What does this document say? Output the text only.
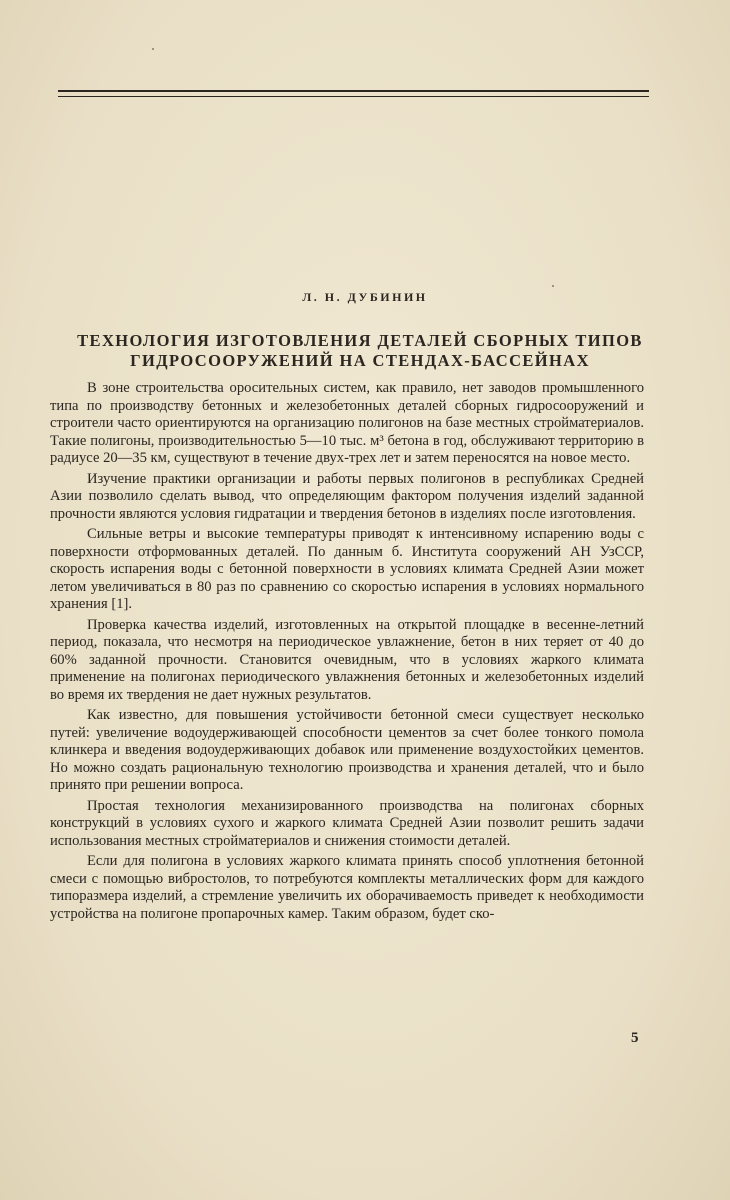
Л. Н. ДУБИНИН
ТЕХНОЛОГИЯ ИЗГОТОВЛЕНИЯ ДЕТАЛЕЙ СБОРНЫХ ТИПОВ
ГИДРОСООРУЖЕНИЙ НА СТЕНДАХ-БАССЕЙНАХ

В зоне строительства оросительных систем, как правило, нет заводов промышленного типа по производству бетонных и железобетонных деталей сборных гидросооружений и строители часто ориентируются на организацию полигонов на базе местных стройматериалов. Такие полигоны, производительностью 5—10 тыс. м³ бетона в год, обслуживают территорию в радиусе 20—35 км, существуют в течение двух-трех лет и затем переносятся на новое место.

Изучение практики организации и работы первых полигонов в республиках Средней Азии позволило сделать вывод, что определяющим фактором получения изделий заданной прочности являются условия гидратации и твердения бетонов в изделиях после изготовления.

Сильные ветры и высокие температуры приводят к интенсивному испарению воды с поверхности отформованных деталей. По данным б. Института сооружений АН УзССР, скорость испарения воды с бетонной поверхности в условиях климата Средней Азии может летом увеличиваться в 80 раз по сравнению со скоростью испарения в условиях нормального хранения [1].

Проверка качества изделий, изготовленных на открытой площадке в весенне-летний период, показала, что несмотря на периодическое увлажнение, бетон в них теряет от 40 до 60% заданной прочности. Становится очевидным, что в условиях жаркого климата применение на полигонах периодического увлажнения бетонных и железобетонных изделий во время их твердения не дает нужных результатов.

Как известно, для повышения устойчивости бетонной смеси существует несколько путей: увеличение водоудерживающей способности цементов за счет более тонкого помола клинкера и введения водоудерживающих добавок или применение воздухостойких цементов. Но можно создать рациональную технологию производства и хранения деталей, что и было принято при решении вопроса.

Простая технология механизированного производства на полигонах сборных конструкций в условиях сухого и жаркого климата Средней Азии позволит решить задачи использования местных стройматериалов и снижения стоимости деталей.

Если для полигона в условиях жаркого климата принять способ уплотнения бетонной смеси с помощью вибростолов, то потребуются комплекты металлических форм для каждого типоразмера изделий, а стремление увеличить их оборачиваемость приведет к необходимости устройства на полигоне пропарочных камер. Таким образом, будет ско-

5
